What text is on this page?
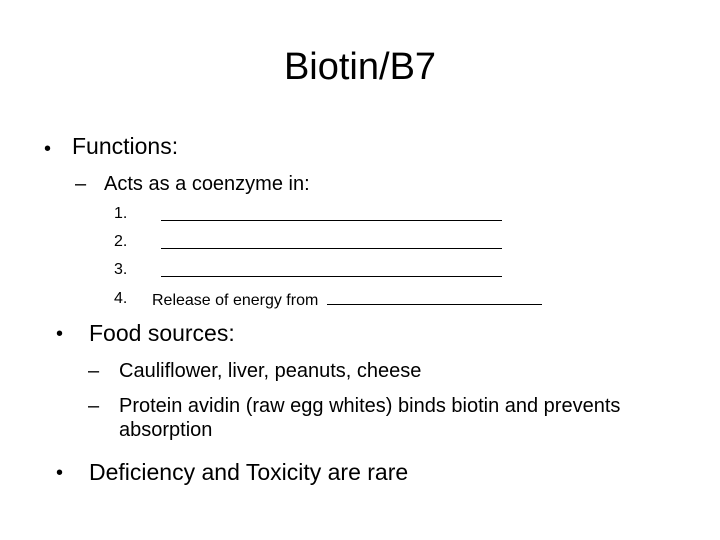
Biotin/B7
• Functions:
– Acts as a coenzyme in:
1.
2.
3.
4. Release of energy from
• Food sources:
– Cauliflower, liver, peanuts, cheese
– Protein avidin (raw egg whites) binds biotin and prevents absorption
• Deficiency and Toxicity are rare
